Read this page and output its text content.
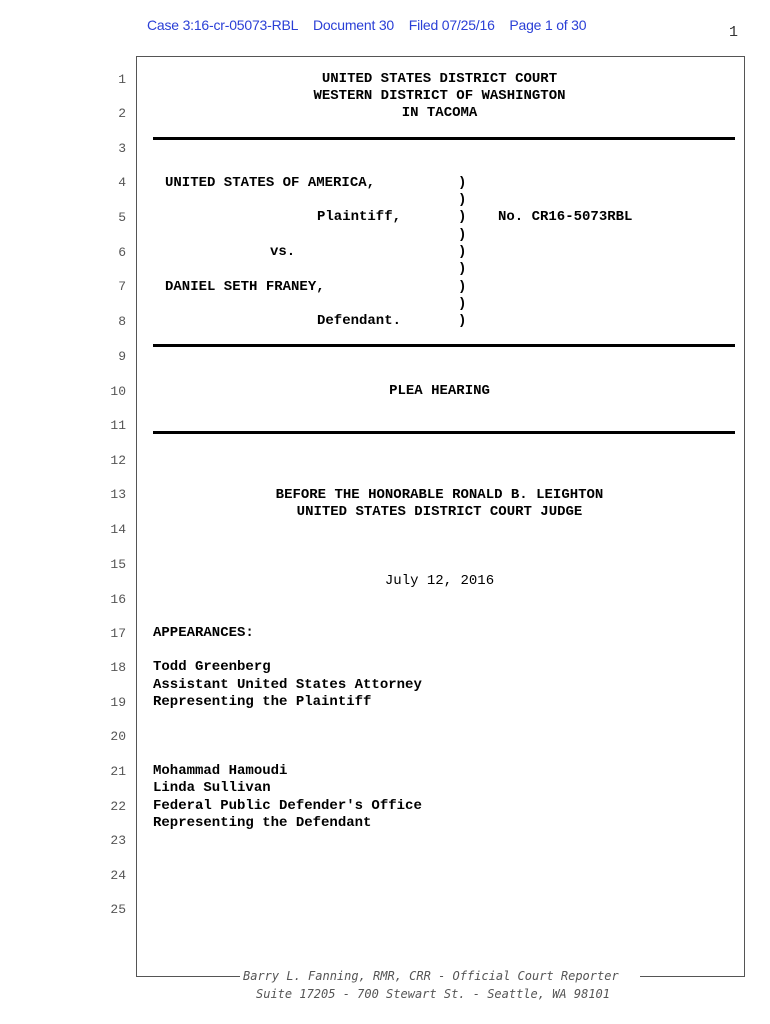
Case 3:16-cr-05073-RBL Document 30 Filed 07/25/16 Page 1 of 30	1
1
2
3
4
5
6
7
8
9
10
11
12
13
14
15
16
17
18
19
20
21
22
23
24
25
UNITED STATES DISTRICT COURT
WESTERN DISTRICT OF WASHINGTON
IN TACOMA
UNITED STATES OF AMERICA,
Plaintiff,
vs.
DANIEL SETH FRANEY,
Defendant.
No. CR16-5073RBL
)
)
)
)
)
)
)
)
)
PLEA HEARING
BEFORE THE HONORABLE RONALD B. LEIGHTON
UNITED STATES DISTRICT COURT JUDGE
July 12, 2016
APPEARANCES:
Todd Greenberg
Assistant United States Attorney
Representing the Plaintiff
Mohammad Hamoudi
Linda Sullivan
Federal Public Defender's Office
Representing the Defendant
Barry L. Fanning, RMR, CRR - Official Court Reporter
Suite 17205 - 700 Stewart St. - Seattle, WA 98101
